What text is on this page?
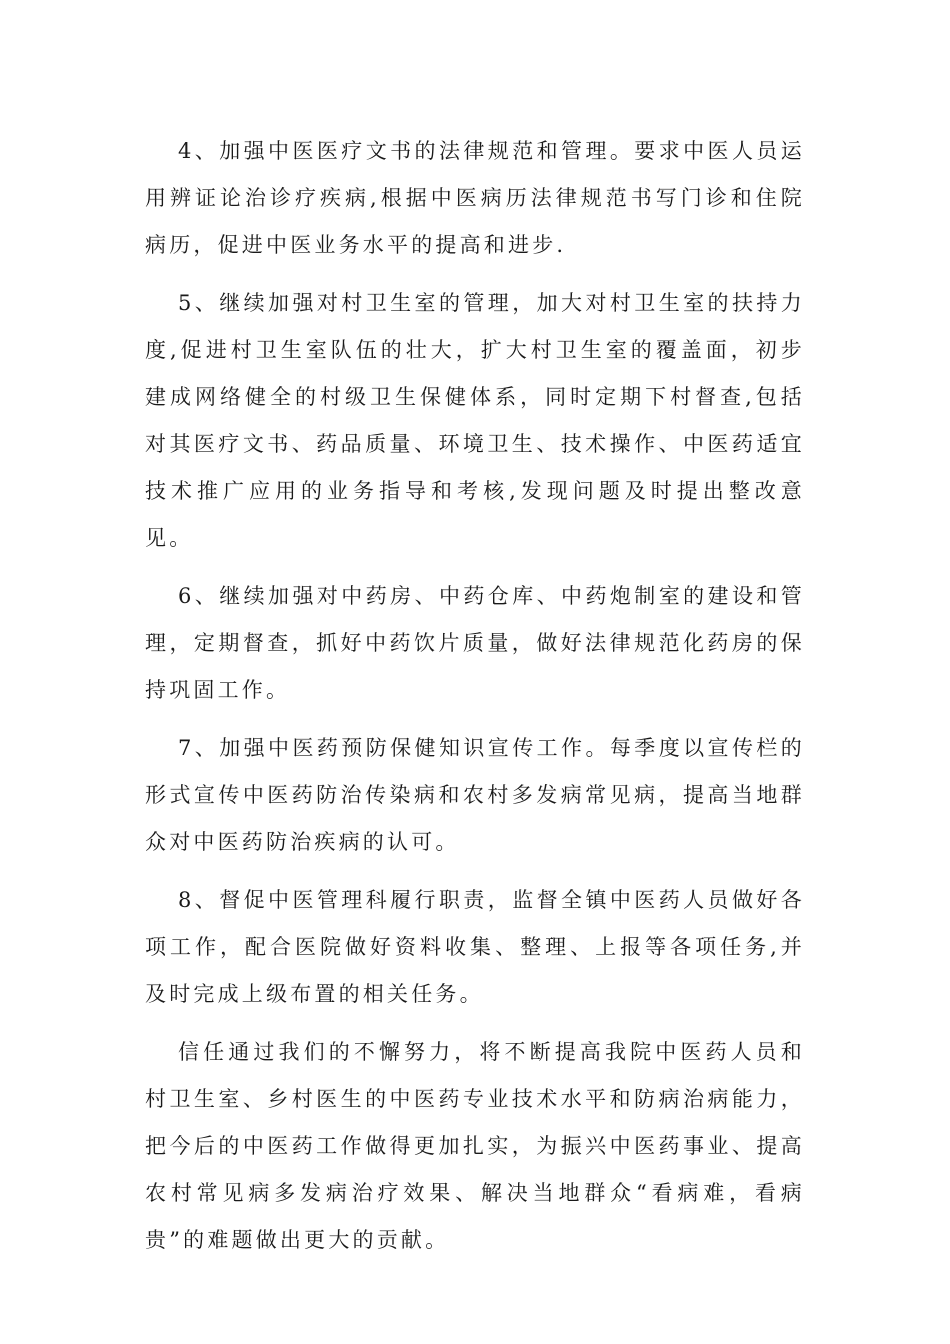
4、加强中医医疗文书的法律规范和管理。要求中医人员运用辨证论治诊疗疾病,根据中医病历法律规范书写门诊和住院病历，促进中医业务水平的提高和进步.

5、继续加强对村卫生室的管理，加大对村卫生室的扶持力度,促进村卫生室队伍的壮大，扩大村卫生室的覆盖面，初步建成网络健全的村级卫生保健体系，同时定期下村督查,包括对其医疗文书、药品质量、环境卫生、技术操作、中医药适宜技术推广应用的业务指导和考核,发现问题及时提出整改意见。

6、继续加强对中药房、中药仓库、中药炮制室的建设和管理，定期督查，抓好中药饮片质量，做好法律规范化药房的保持巩固工作。

7、加强中医药预防保健知识宣传工作。每季度以宣传栏的形式宣传中医药防治传染病和农村多发病常见病，提高当地群众对中医药防治疾病的认可。

8、督促中医管理科履行职责，监督全镇中医药人员做好各项工作，配合医院做好资料收集、整理、上报等各项任务,并及时完成上级布置的相关任务。

信任通过我们的不懈努力，将不断提高我院中医药人员和村卫生室、乡村医生的中医药专业技术水平和防病治病能力，把今后的中医药工作做得更加扎实，为振兴中医药事业、提高农村常见病多发病治疗效果、解决当地群众“看病难，看病贵”的难题做出更大的贡献。
